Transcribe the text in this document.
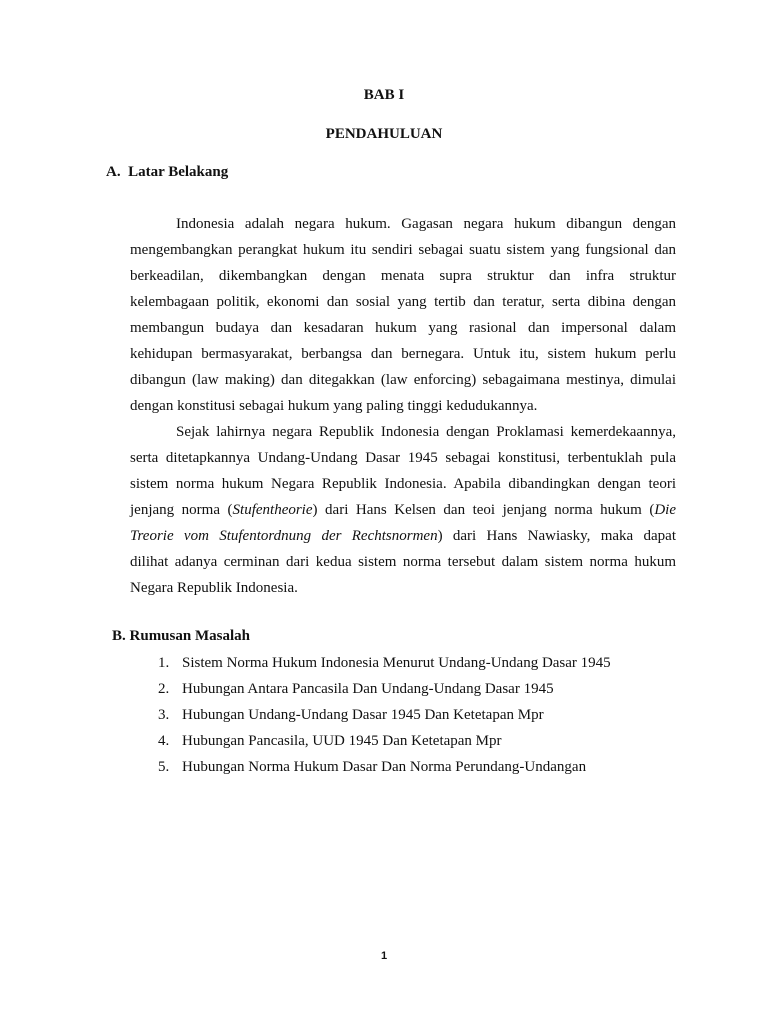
BAB I
PENDAHULUAN
A. Latar Belakang
Indonesia adalah negara hukum. Gagasan negara hukum dibangun dengan
mengembangkan perangkat hukum itu sendiri sebagai suatu sistem yang fungsional dan
berkeadilan, dikembangkan dengan menata supra struktur dan infra struktur
kelembagaan politik, ekonomi dan sosial yang tertib dan teratur, serta dibina dengan
membangun budaya dan kesadaran hukum yang rasional dan impersonal dalam
kehidupan bermasyarakat, berbangsa dan bernegara. Untuk itu, sistem hukum perlu
dibangun (law making) dan ditegakkan (law enforcing) sebagaimana mestinya, dimulai
dengan konstitusi sebagai hukum yang paling tinggi kedudukannya.
Sejak lahirnya negara Republik Indonesia dengan Proklamasi kemerdekaannya,
serta ditetapkannya Undang-Undang Dasar 1945 sebagai konstitusi, terbentuklah pula
sistem norma hukum Negara Republik Indonesia. Apabila dibandingkan dengan teori
jenjang norma (Stufentheorie) dari Hans Kelsen dan teoi jenjang norma hukum (Die
Treorie vom Stufentordnung der Rechtsnormen) dari Hans Nawiasky, maka dapat
dilihat adanya cerminan dari kedua sistem norma tersebut dalam sistem norma hukum
Negara Republik Indonesia.
B. Rumusan Masalah
1. Sistem Norma Hukum Indonesia Menurut Undang-Undang Dasar 1945
2. Hubungan Antara Pancasila Dan Undang-Undang Dasar 1945
3. Hubungan Undang-Undang Dasar 1945 Dan Ketetapan Mpr
4. Hubungan Pancasila, UUD 1945 Dan Ketetapan Mpr
5. Hubungan Norma Hukum Dasar Dan Norma Perundang-Undangan
1
